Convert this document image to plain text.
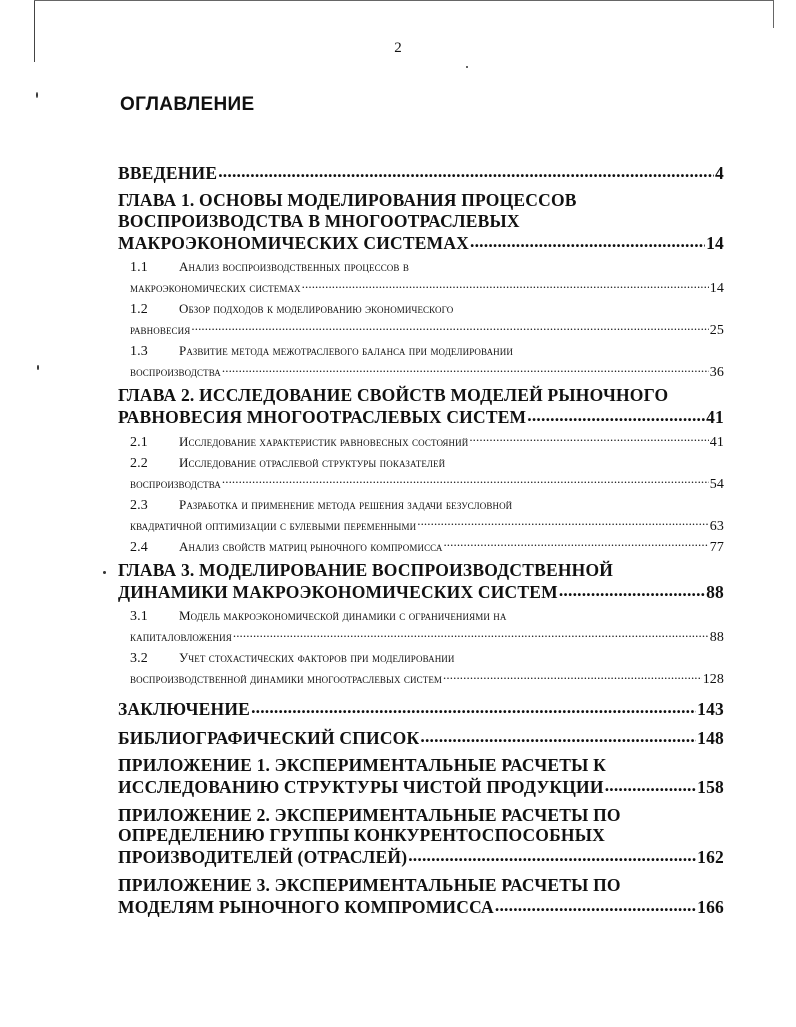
2
ОГЛАВЛЕНИЕ
ВВЕДЕНИЕ .....	4
ГЛАВА 1. ОСНОВЫ МОДЕЛИРОВАНИЯ ПРОЦЕССОВ
ВОСПРОИЗВОДСТВА В МНОГООТРАСЛЕВЫХ
МАКРОЭКОНОМИЧЕСКИХ СИСТЕМАХ .....	14
1.1 Анализ воспроизводственных процессов в
макроэкономических системах .....	14
1.2 Обзор подходов к моделированию экономического
равновесия .....	25
1.3 Развитие метода межотраслевого баланса при моделировании
воспроизводства .....	36
ГЛАВА 2. ИССЛЕДОВАНИЕ СВОЙСТВ МОДЕЛЕЙ РЫНОЧНОГО
РАВНОВЕСИЯ МНОГООТРАСЛЕВЫХ СИСТЕМ .....	41
2.1	Исследование характеристик равновесных состояний .....	41
2.2 Исследование отраслевой структуры показателей
воспроизводства .....	54
2.3 Разработка и применение метода решения задачи безусловной
квадратичной оптимизации с булевыми переменными .....	63
2.4	Анализ свойств матриц рыночного компромисса .....	77
ГЛАВА 3. МОДЕЛИРОВАНИЕ ВОСПРОИЗВОДСТВЕННОЙ
ДИНАМИКИ МАКРОЭКОНОМИЧЕСКИХ СИСТЕМ .....	88
3.1 Модель макроэкономической динамики с ограничениями на
капиталовложения .....	88
3.2 Учет стохастических факторов при моделировании
воспроизводственной динамики многоотраслевых систем .....	128
ЗАКЛЮЧЕНИЕ .....	143
БИБЛИОГРАФИЧЕСКИЙ СПИСОК .....	148
ПРИЛОЖЕНИЕ 1. ЭКСПЕРИМЕНТАЛЬНЫЕ РАСЧЕТЫ К
ИССЛЕДОВАНИЮ СТРУКТУРЫ ЧИСТОЙ ПРОДУКЦИИ .....	158
ПРИЛОЖЕНИЕ 2. ЭКСПЕРИМЕНТАЛЬНЫЕ РАСЧЕТЫ ПО
ОПРЕДЕЛЕНИЮ ГРУППЫ КОНКУРЕНТОСПОСОБНЫХ
ПРОИЗВОДИТЕЛЕЙ (ОТРАСЛЕЙ) .....	162
ПРИЛОЖЕНИЕ 3. ЭКСПЕРИМЕНТАЛЬНЫЕ РАСЧЕТЫ ПО
МОДЕЛЯМ РЫНОЧНОГО КОМПРОМИССА .....	166
